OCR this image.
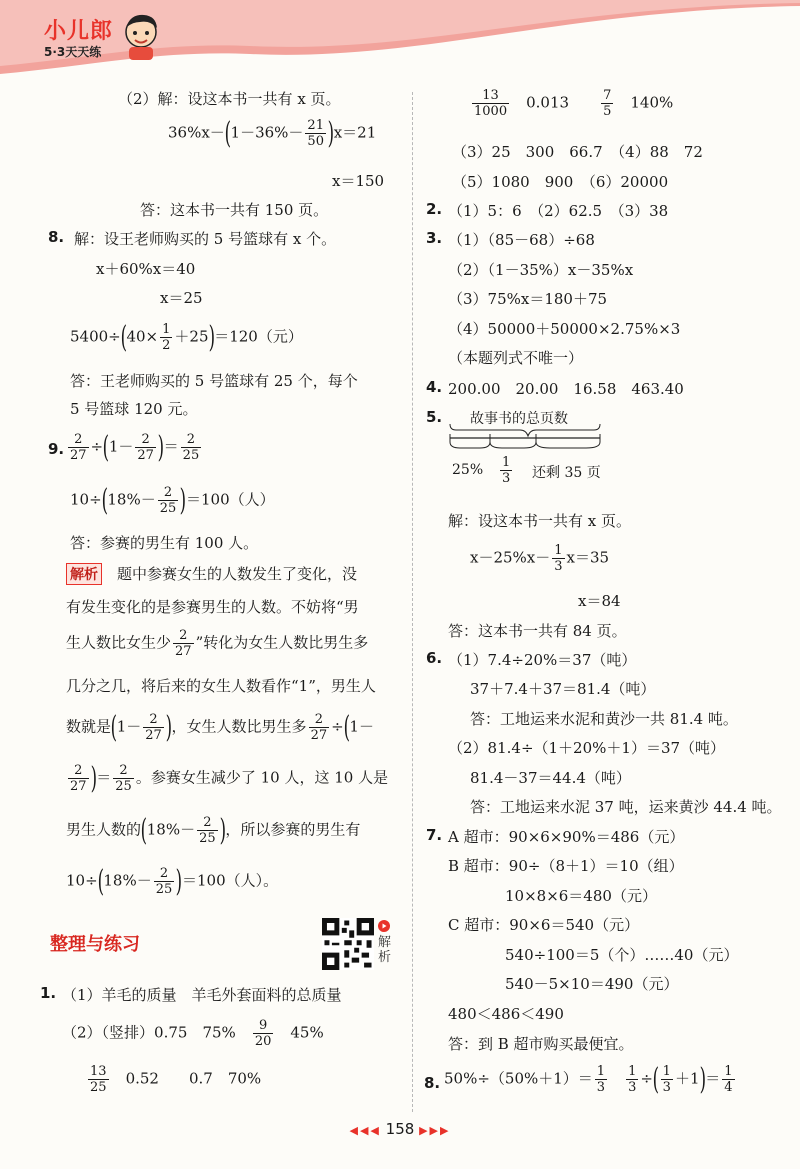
小儿郎
5·3天天练
（2）解：设这本书一共有 x 页。
$36\%x-(1-36\%- \frac{21}{50} )x=21$
x＝150
答：这本书一共有 150 页。
8. 解：设王老师购买的 5 号篮球有 x 个。
x＋60%x＝40
x＝25
$5400\div(40\times \frac{1}{2} +25)=120$（元）
答：王老师购买的 5 号篮球有 25 个，每个
5 号篮球 120 元。
9. $\frac{2}{27} \div(1- \frac{2}{27}$ )＝ $\frac{2}{25}$
$10\div(18\%- \frac{2}{25} )=100$（人）
答：参赛的男生有 100 人。
解析　 题中参赛女生的人数发生了变化，没
有发生变化的是参赛男生的人数。不妨将“男
生人数比女生少 $\frac{2}{27}$ ”转化为女生人数比男生多
几分之几，将后来的女生人数看作“1”，男生人
数就是($1- \frac{2}{27}$ )，女生人数比男生多 $\frac{2}{27} \div(1-$
$\frac{2}{27}$ )＝ $\frac{2}{25}$ 。参赛女生减少了 10 人，这 10 人是
男生人数的($18\%- \frac{2}{25}$ )，所以参赛的男生有
$10\div(18\%- \frac{2}{25} )=100$（人）。
整理与练习	解析
1. （1）羊毛的质量　羊毛外套面料的总质量
（2）（竖排）0.75　75%　 $\frac{9}{20}$
　 45%
$\frac{13}{25}$
　 0.52　　0.7　70%
$\frac{13}{1000}$
　 0.013　　 $\frac{7}{5}$
　 140%
（3）25　300　66.7　（4）88　72
（5）1080　900　（6）20000
2. （1）5：6　（2）62.5　（3）38
3. （1）（85－68）÷68
（2）（1－35%）x－35%x
（3）75%x＝180＋75
（4）50000＋50000×2.75%×3
（本题列式不唯一）
4. 200.00　20.00　16.58　463.40
5. 故事书的总页数
$25\% \frac{1}{3}$ 还剩 35 页
解：设这本书一共有 x 页。
$x-25\%x- \frac{1}{3} x=35$
x＝84
答：这本书一共有 84 页。
6. （1）7.4÷20%＝37（吨）
37＋7.4＋37＝81.4（吨）
答：工地运来水泥和黄沙一共 81.4 吨。
（2）81.4÷（1＋20%＋1）＝37（吨）
81.4－37＝44.4（吨）
答：工地运来水泥 37 吨，运来黄沙 44.4 吨。
7. A 超市：90×6×90%＝486（元）
B 超市：90÷（8＋1）＝10（组）
10×8×6＝480（元）
C 超市：90×6＝540（元）
540÷100＝5（个）……40（元）
540－5×10＝490（元）
480＜486＜490
答：到 B 超市购买最便宜。
8. $50\%\div(50\%+1)= \frac{1}{3}$
　 $\frac{1}{3}$ ÷( $\frac{1}{3} +1)= \frac{1}{4}$
◀◀◀ 158 ▶▶▶
